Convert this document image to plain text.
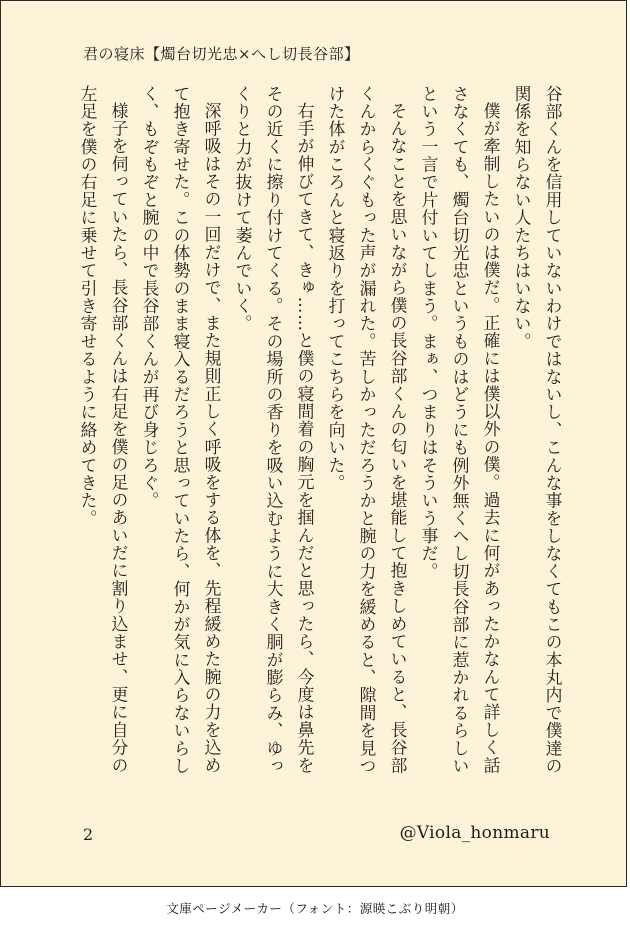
君の寝床【燭台切光忠×へし切長谷部】

谷部くんを信用していないわけではないし、こんな事をしなくてもこの本丸内で僕達の関係を知らない人たちはいない。

僕が牽制したいのは僕だ。正確には僕以外の僕。過去に何があったかなんて詳しく話さなくても、燭台切光忠というものはどうにも例外無くへし切長谷部に惹かれるらしいという一言で片付いてしまう。まぁ、つまりはそういう事だ。

そんなことを思いながら僕の長谷部くんの匂いを堪能して抱きしめていると、長谷部くんからくぐもった声が漏れた。苦しかっただろうかと腕の力を緩めると、隙間を見つけた体がころんと寝返りを打ってこちらを向いた。

右手が伸びてきて、きゅ……と僕の寝間着の胸元を掴んだと思ったら、今度は鼻先をその近くに擦り付けてくる。その場所の香りを吸い込むように大きく胴が膨らみ、ゆっくりと力が抜けて萎んでいく。

深呼吸はその一回だけで、また規則正しく呼吸をする体を、先程緩めた腕の力を込めて抱き寄せた。この体勢のまま寝入るだろうと思っていたら、何かが気に入らないらしく、もぞもぞと腕の中で長谷部くんが再び身じろぐ。

様子を伺っていたら、長谷部くんは右足を僕の足のあいだに割り込ませ、更に自分の左足を僕の右足に乗せて引き寄せるように絡めてきた。

2	@Viola_honmaru
文庫ページメーカー（フォント：源暎こぶり明朝）
